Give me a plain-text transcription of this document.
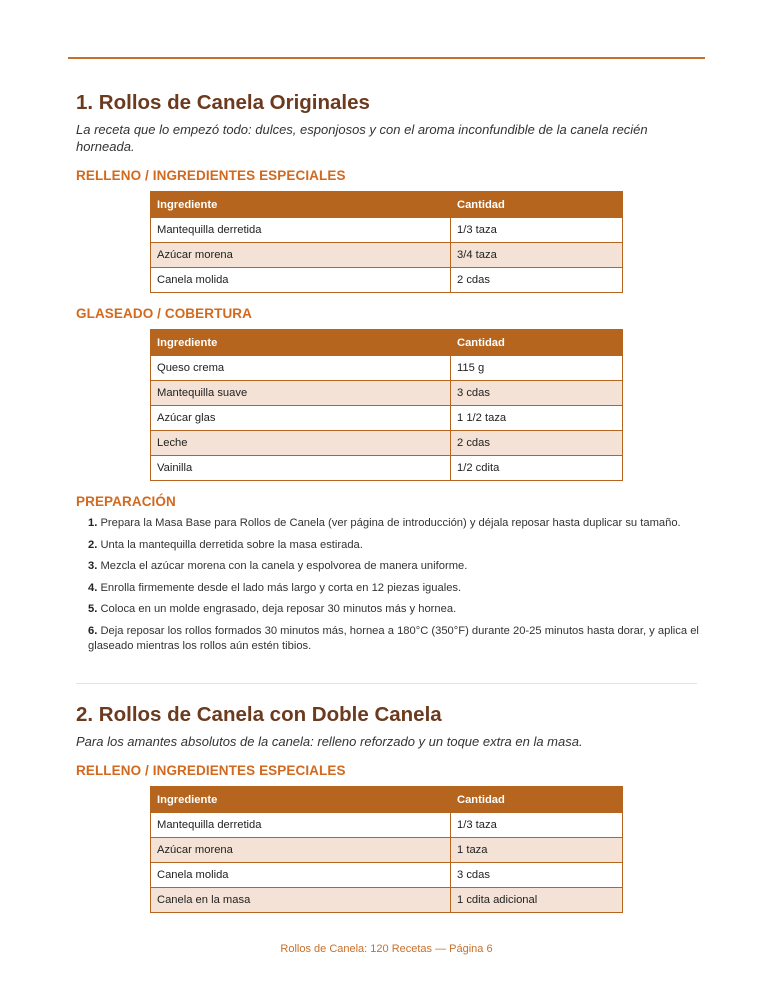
1. Rollos de Canela Originales

La receta que lo empezó todo: dulces, esponjosos y con el aroma inconfundible de la canela recién horneada.

RELLENO / INGREDIENTES ESPECIALES
Ingrediente	Cantidad
Mantequilla derretida	1/3 taza
Azúcar morena	3/4 taza
Canela molida	2 cdas
GLASEADO / COBERTURA
Ingrediente	Cantidad
Queso crema	115 g
Mantequilla suave	3 cdas
Azúcar glas	1 1/2 taza
Leche	2 cdas
Vainilla	1/2 cdita
PREPARACIÓN
1. Prepara la Masa Base para Rollos de Canela (ver página de introducción) y déjala reposar hasta duplicar su tamaño.
2. Unta la mantequilla derretida sobre la masa estirada.
3. Mezcla el azúcar morena con la canela y espolvorea de manera uniforme.
4. Enrolla firmemente desde el lado más largo y corta en 12 piezas iguales.
5. Coloca en un molde engrasado, deja reposar 30 minutos más y hornea.
6. Deja reposar los rollos formados 30 minutos más, hornea a 180°C (350°F) durante 20-25 minutos hasta dorar, y aplica el glaseado mientras los rollos aún estén tibios.
2. Rollos de Canela con Doble Canela

Para los amantes absolutos de la canela: relleno reforzado y un toque extra en la masa.

RELLENO / INGREDIENTES ESPECIALES
Ingrediente	Cantidad
Mantequilla derretida	1/3 taza
Azúcar morena	1 taza
Canela molida	3 cdas
Canela en la masa	1 cdita adicional
Rollos de Canela: 120 Recetas — Página 6
